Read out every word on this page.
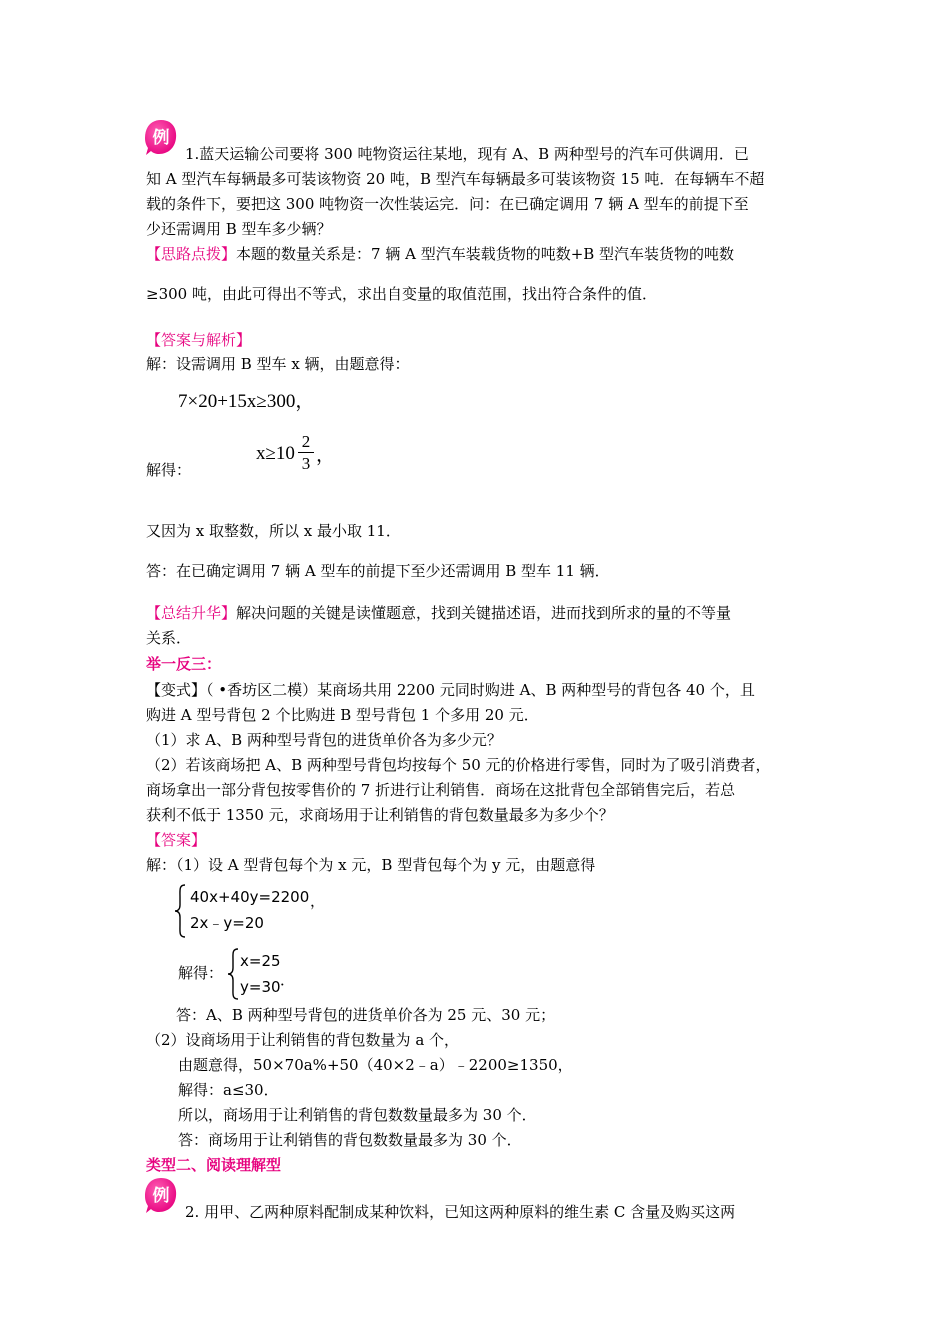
例
1.蓝天运输公司要将 300 吨物资运往某地，现有 A、B 两种型号的汽车可供调用．已
知 A 型汽车每辆最多可装该物资 20 吨，B 型汽车每辆最多可装该物资 15 吨．在每辆车不超
载的条件下，要把这 300 吨物资一次性装运完．问：在已确定调用 7 辆 A 型车的前提下至
少还需调用 B 型车多少辆？
【思路点拨】本题的数量关系是：7 辆 A 型汽车装载货物的吨数+B 型汽车装货物的吨数
≥300 吨，由此可得出不等式，求出自变量的取值范围，找出符合条件的值．
【答案与解析】
解：设需调用 B 型车 x 辆，由题意得：
7×20+15x≥300，
解得：
x≥10
2
3 ，
又因为 x 取整数，所以 x 最小取 11．
答：在已确定调用 7 辆 A 型车的前提下至少还需调用 B 型车 11 辆．
【总结升华】解决问题的关键是读懂题意，找到关键描述语，进而找到所求的量的不等量
关系．
举一反三：
【变式】（ •香坊区二模）某商场共用 2200 元同时购进 A、B 两种型号的背包各 40 个，且
购进 A 型号背包 2 个比购进 B 型号背包 1 个多用 20 元．
（1）求 A、B 两种型号背包的进货单价各为多少元？
（2）若该商场把 A、B 两种型号背包均按每个 50 元的价格进行零售，同时为了吸引消费者，
商场拿出一部分背包按零售价的 7 折进行让利销售．商场在这批背包全部销售完后，若总
获利不低于 1350 元，求商场用于让利销售的背包数量最多为多少个？
【答案】
解：（1）设 A 型背包每个为 x 元，B 型背包每个为 y 元，由题意得
40x+40y=2200
2x﹣y=20
，
解得：
x=25
y=30 ．
答：A、B 两种型号背包的进货单价各为 25 元、30 元；
（2）设商场用于让利销售的背包数量为 a 个，
由题意得，50×70a%+50（40×2﹣a）﹣2200≥1350，
解得：a≤30．
所以，商场用于让利销售的背包数数量最多为 30 个．
答：商场用于让利销售的背包数数量最多为 30 个．
类型二、阅读理解型
例
2. 用甲、乙两种原料配制成某种饮料，已知这两种原料的维生素 C 含量及购买这两
